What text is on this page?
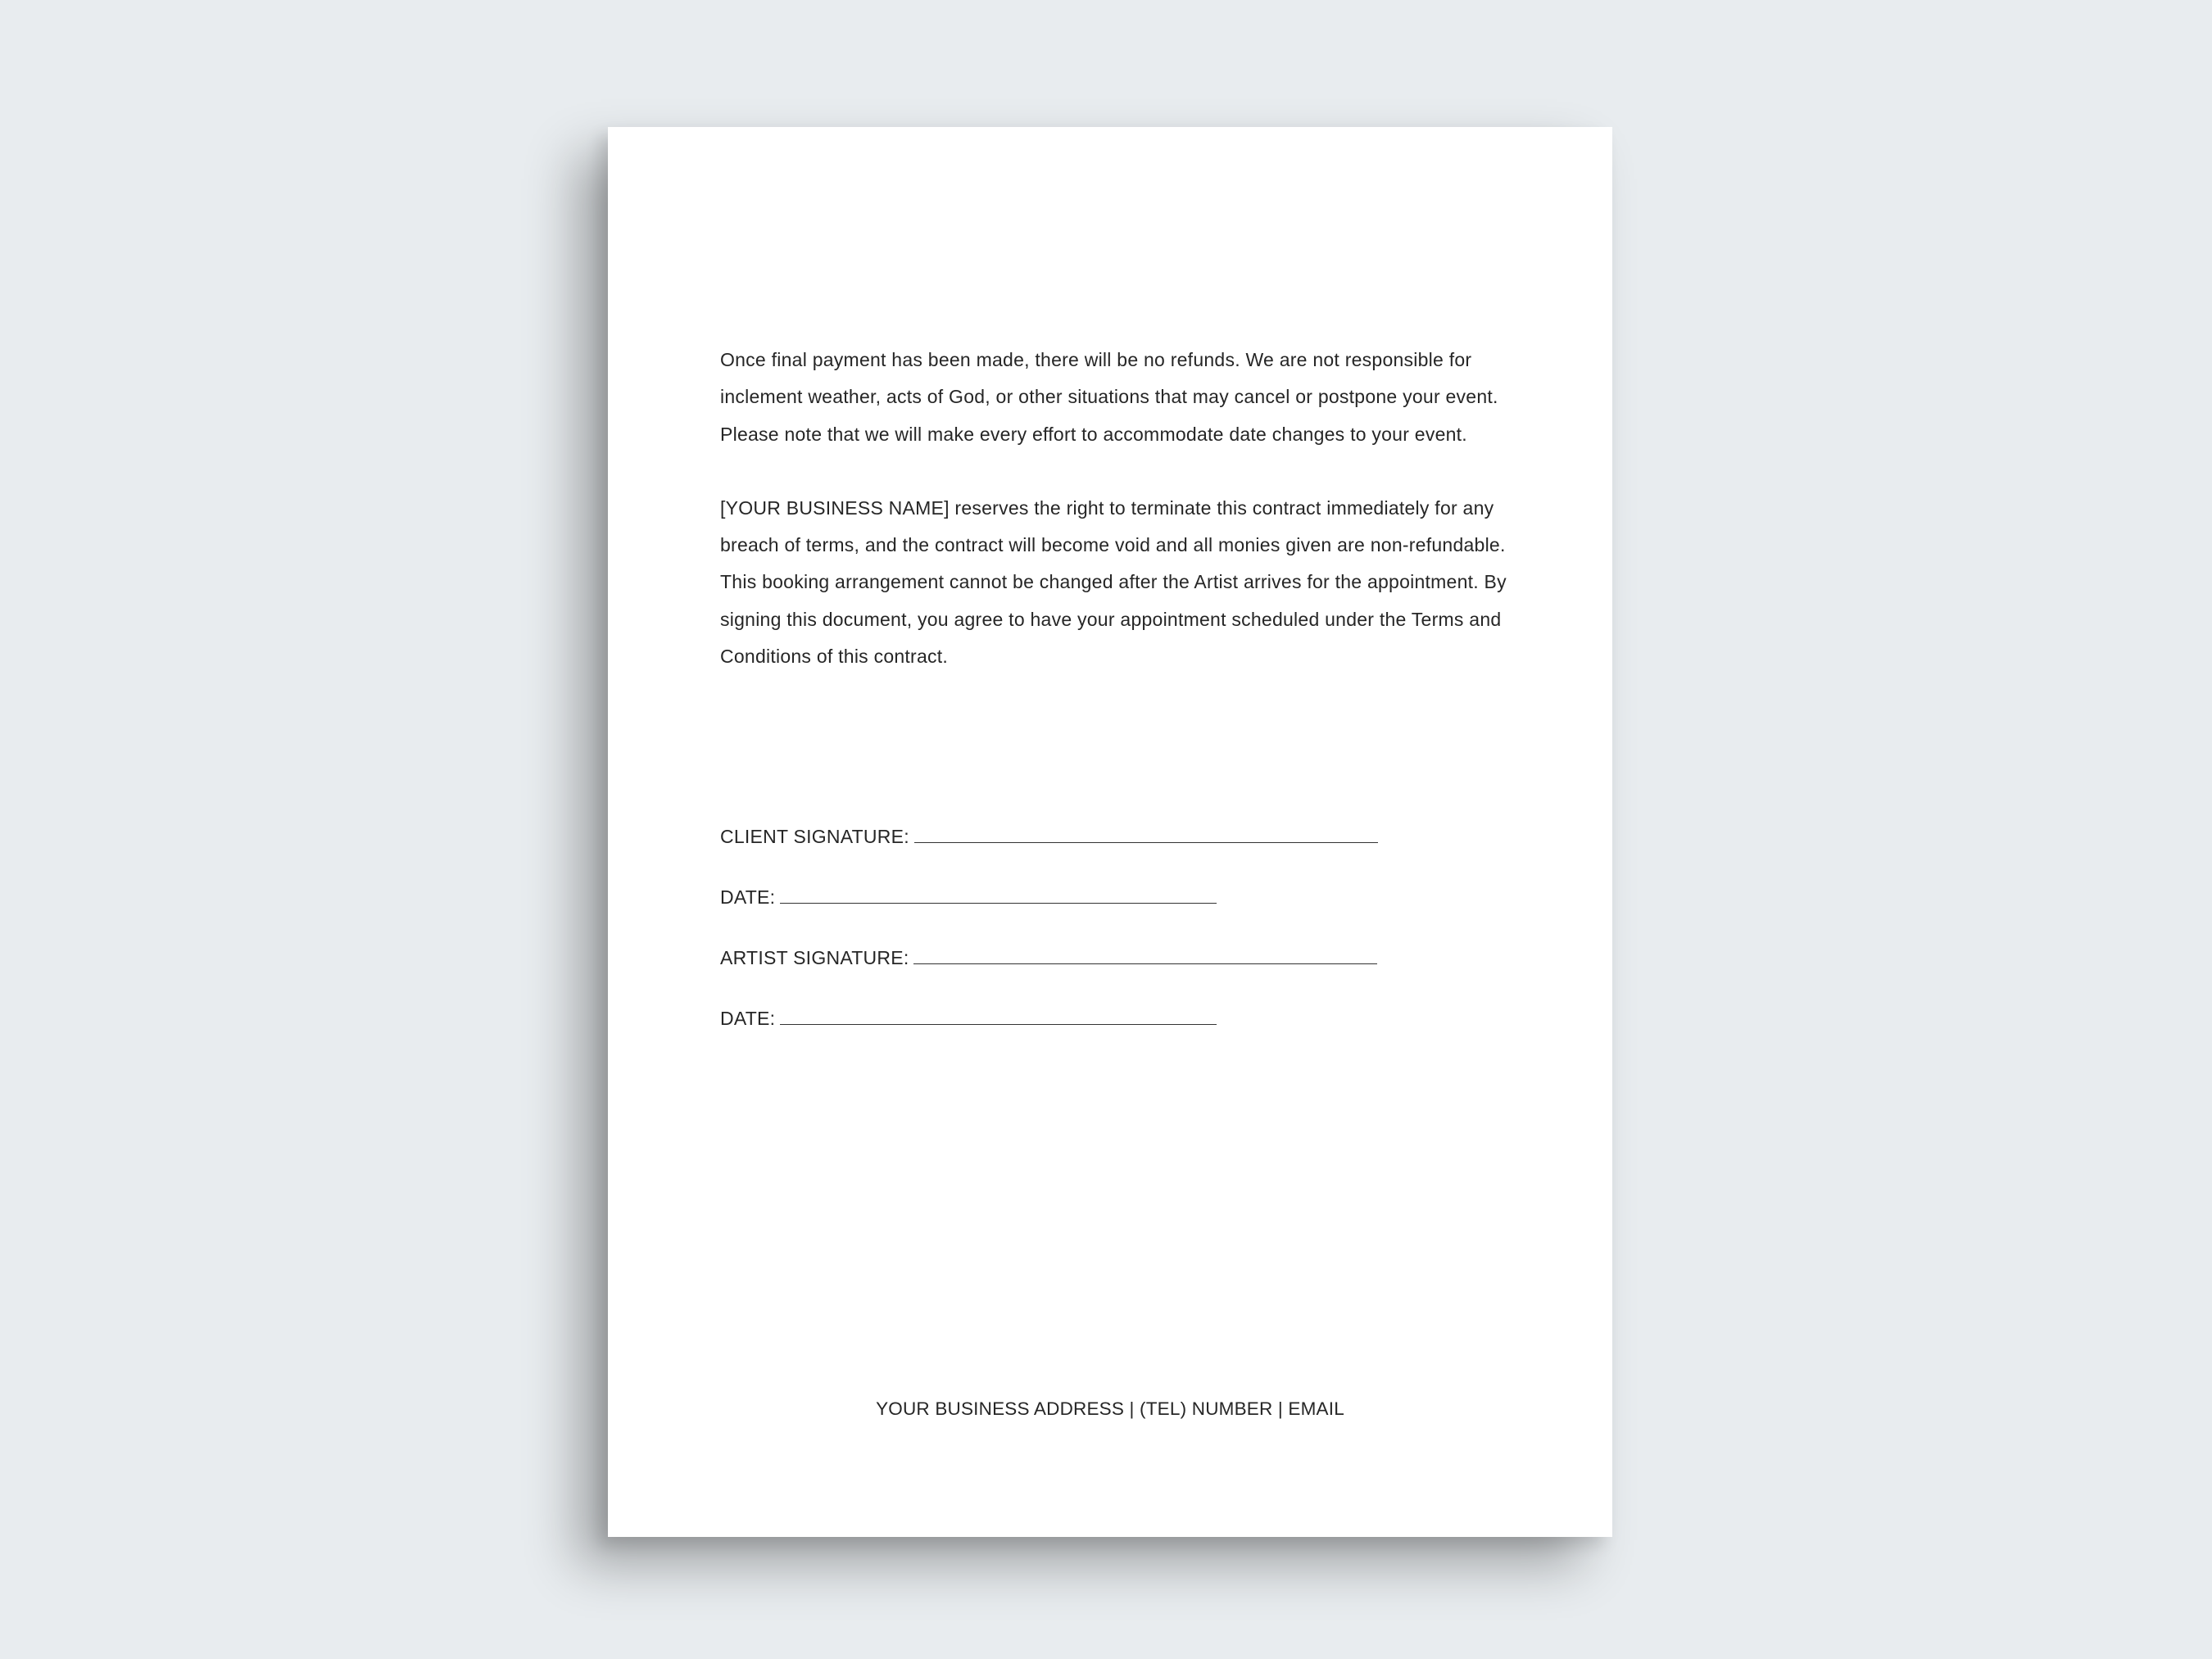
Once final payment has been made, there will be no refunds. We are not responsible for inclement weather, acts of God, or other situations that may cancel or postpone your event. Please note that we will make every effort to accommodate date changes to your event.

[YOUR BUSINESS NAME] reserves the right to terminate this contract immediately for any breach of terms, and the contract will become void and all monies given are non-refundable.

This booking arrangement cannot be changed after the Artist arrives for the appointment. By signing this document, you agree to have your appointment scheduled under the Terms and Conditions of this contract.

CLIENT SIGNATURE:
DATE:
ARTIST SIGNATURE:
DATE:
YOUR BUSINESS ADDRESS | (TEL) NUMBER | EMAIL
